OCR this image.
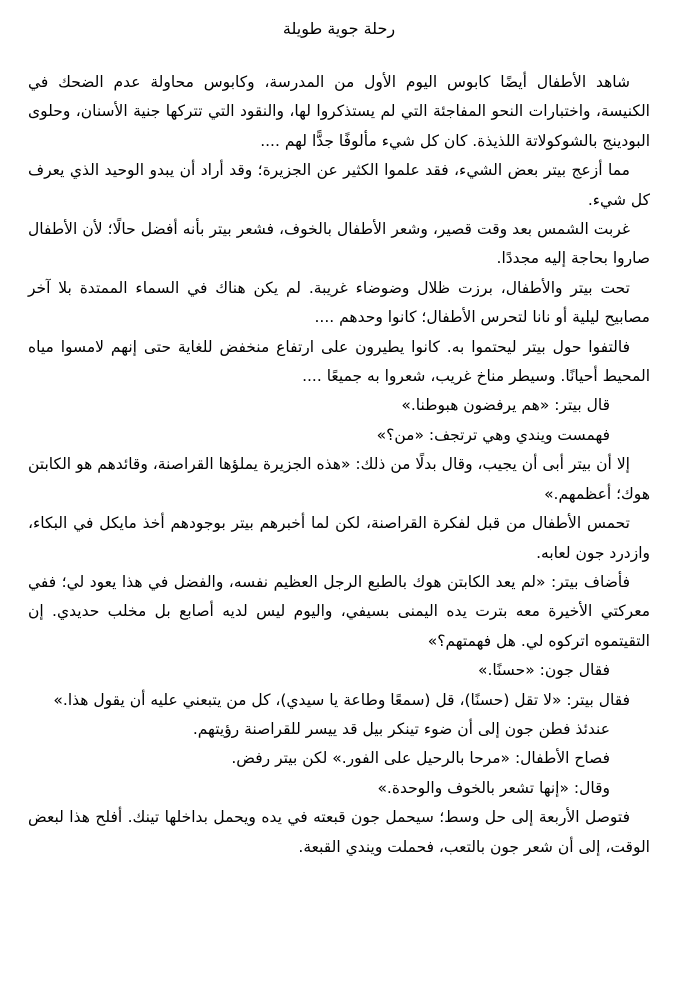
رحلة جوية طويلة

شاهد الأطفال أيضًا كابوس اليوم الأول من المدرسة، وكابوس محاولة عدم الضحك في الكنيسة، واختبارات النحو المفاجئة التي لم يستذكروا لها، والنقود التي تتركها جنية الأسنان، وحلوى البودينج بالشوكولاتة اللذيذة. كان كل شيء مألوفًا جدًّا لهم ....

مما أزعج بيتر بعض الشيء، فقد علموا الكثير عن الجزيرة؛ وقد أراد أن يبدو الوحيد الذي يعرف كل شيء.

غربت الشمس بعد وقت قصير، وشعر الأطفال بالخوف، فشعر بيتر بأنه أفضل حالًا؛ لأن الأطفال صاروا بحاجة إليه مجددًا.

تحت بيتر والأطفال، برزت ظلال وضوضاء غريبة. لم يكن هناك في السماء الممتدة بلا آخر مصابيح ليلية أو نانا لتحرس الأطفال؛ كانوا وحدهم ....

فالتفوا حول بيتر ليحتموا به. كانوا يطيرون على ارتفاع منخفض للغاية حتى إنهم لامسوا مياه المحيط أحيانًا. وسيطر مناخ غريب، شعروا به جميعًا ....

قال بيتر: «هم يرفضون هبوطنا.»

فهمست ويندي وهي ترتجف: «من؟»

إلا أن بيتر أبى أن يجيب، وقال بدلًا من ذلك: «هذه الجزيرة يملؤها القراصنة، وقائدهم هو الكابتن هوك؛ أعظمهم.»

تحمس الأطفال من قبل لفكرة القراصنة، لكن لما أخبرهم بيتر بوجودهم أخذ مايكل في البكاء، وازدرد جون لعابه.

فأضاف بيتر: «لم يعد الكابتن هوك بالطبع الرجل العظيم نفسه، والفضل في هذا يعود لي؛ ففي معركتي الأخيرة معه بترت يده اليمنى بسيفي، واليوم ليس لديه أصابع بل مخلب حديدي. إن التقيتموه اتركوه لي. هل فهمتهم؟»

فقال جون: «حسنًا.»

فقال بيتر: «لا تقل (حسنًا)، قل (سمعًا وطاعة يا سيدي)، كل من يتبعني عليه أن يقول هذا.»

عندئذ فطن جون إلى أن ضوء تينكر بيل قد ييسر للقراصنة رؤيتهم.

فصاح الأطفال: «مرحا بالرحيل على الفور.» لكن بيتر رفض.

وقال: «إنها تشعر بالخوف والوحدة.»

فتوصل الأربعة إلى حل وسط؛ سيحمل جون قبعته في يده ويحمل بداخلها تينك. أفلح هذا لبعض الوقت، إلى أن شعر جون بالتعب، فحملت ويندي القبعة.
